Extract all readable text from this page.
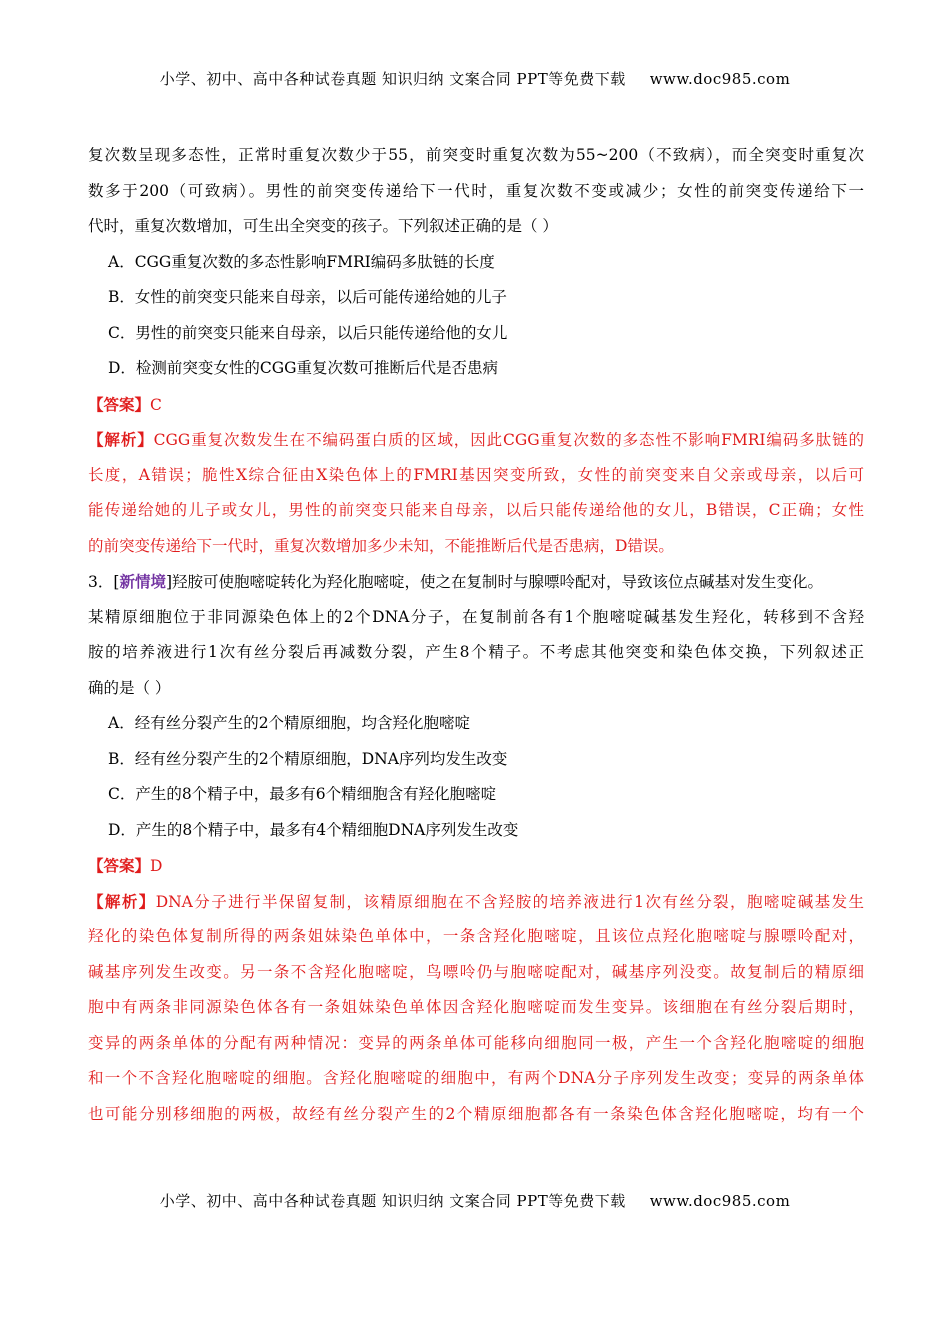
小学、初中、高中各种试卷真题 知识归纳 文案合同 PPT等免费下载 www.doc985.com
复次数呈现多态性，正常时重复次数少于55，前突变时重复次数为55~200（不致病），而全突变时重复次
数多于200（可致病）。男性的前突变传递给下一代时，重复次数不变或减少；女性的前突变传递给下一
代时，重复次数增加，可生出全突变的孩子。下列叙述正确的是（ ）
A．CGG重复次数的多态性影响FMRI编码多肽链的长度
B．女性的前突变只能来自母亲，以后可能传递给她的儿子
C．男性的前突变只能来自母亲，以后只能传递给他的女儿
D．检测前突变女性的CGG重复次数可推断后代是否患病
【答案】C
【解析】CGG重复次数发生在不编码蛋白质的区域，因此CGG重复次数的多态性不影响FMRI编码多肽链的
长度，A错误；脆性X综合征由X染色体上的FMRI基因突变所致，女性的前突变来自父亲或母亲，以后可
能传递给她的儿子或女儿，男性的前突变只能来自母亲，以后只能传递给他的女儿，B错误，C正确；女性
的前突变传递给下一代时，重复次数增加多少未知，不能推断后代是否患病，D错误。
3．[新情境]羟胺可使胞嘧啶转化为羟化胞嘧啶，使之在复制时与腺嘌呤配对，导致该位点碱基对发生变化。
某精原细胞位于非同源染色体上的2个DNA分子，在复制前各有1个胞嘧啶碱基发生羟化，转移到不含羟
胺的培养液进行1次有丝分裂后再减数分裂，产生8个精子。不考虑其他突变和染色体交换，下列叙述正
确的是（ ）
A．经有丝分裂产生的2个精原细胞，均含羟化胞嘧啶
B．经有丝分裂产生的2个精原细胞，DNA序列均发生改变
C．产生的8个精子中，最多有6个精细胞含有羟化胞嘧啶
D．产生的8个精子中，最多有4个精细胞DNA序列发生改变
【答案】D
【解析】DNA分子进行半保留复制，该精原细胞在不含羟胺的培养液进行1次有丝分裂，胞嘧啶碱基发生
羟化的染色体复制所得的两条姐妹染色单体中，一条含羟化胞嘧啶，且该位点羟化胞嘧啶与腺嘌呤配对，
碱基序列发生改变。另一条不含羟化胞嘧啶，鸟嘌呤仍与胞嘧啶配对，碱基序列没变。故复制后的精原细
胞中有两条非同源染色体各有一条姐妹染色单体因含羟化胞嘧啶而发生变异。该细胞在有丝分裂后期时，
变异的两条单体的分配有两种情况：变异的两条单体可能移向细胞同一极，产生一个含羟化胞嘧啶的细胞
和一个不含羟化胞嘧啶的细胞。含羟化胞嘧啶的细胞中，有两个DNA分子序列发生改变；变异的两条单体
也可能分别移细胞的两极，故经有丝分裂产生的2个精原细胞都各有一条染色体含羟化胞嘧啶，均有一个
小学、初中、高中各种试卷真题 知识归纳 文案合同 PPT等免费下载 www.doc985.com
